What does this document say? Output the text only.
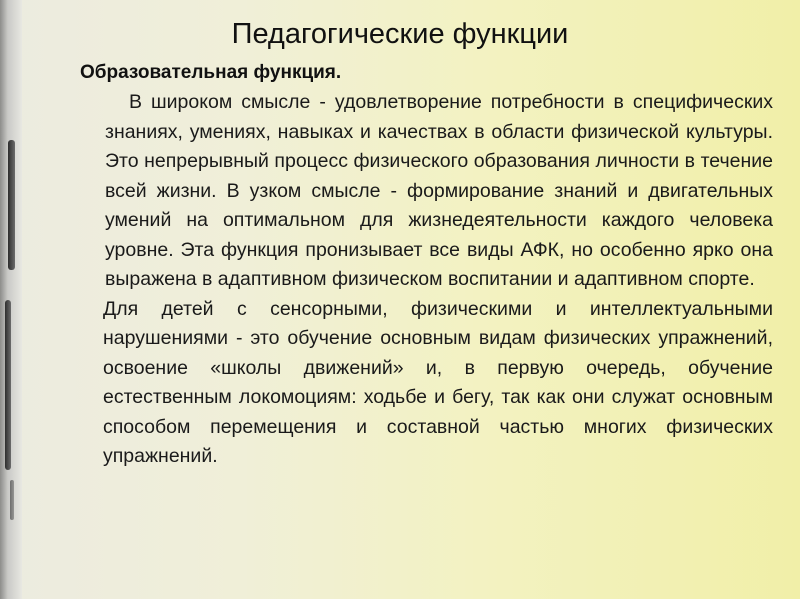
Педагогические функции
Образовательная функция.

В широком смысле - удовлетворение потребности в специфических знаниях, умениях, навыках и качествах в области физической культуры. Это непрерывный процесс физического образования личности в течение всей жизни. В узком смысле - формирование знаний и двигательных умений на оптимальном для жизнедеятельности каждого человека уровне. Эта функция пронизывает все виды АФК, но особенно ярко она выражена в адаптивном физическом воспитании и адаптивном спорте.

Для детей с сенсорными, физическими и интеллектуальными нарушениями - это обучение основным видам физических упражнений, освоение «школы движений» и, в первую очередь, обучение естественным локомоциям: ходьбе и бегу, так как они служат основным способом перемещения и составной частью многих физических упражнений.
